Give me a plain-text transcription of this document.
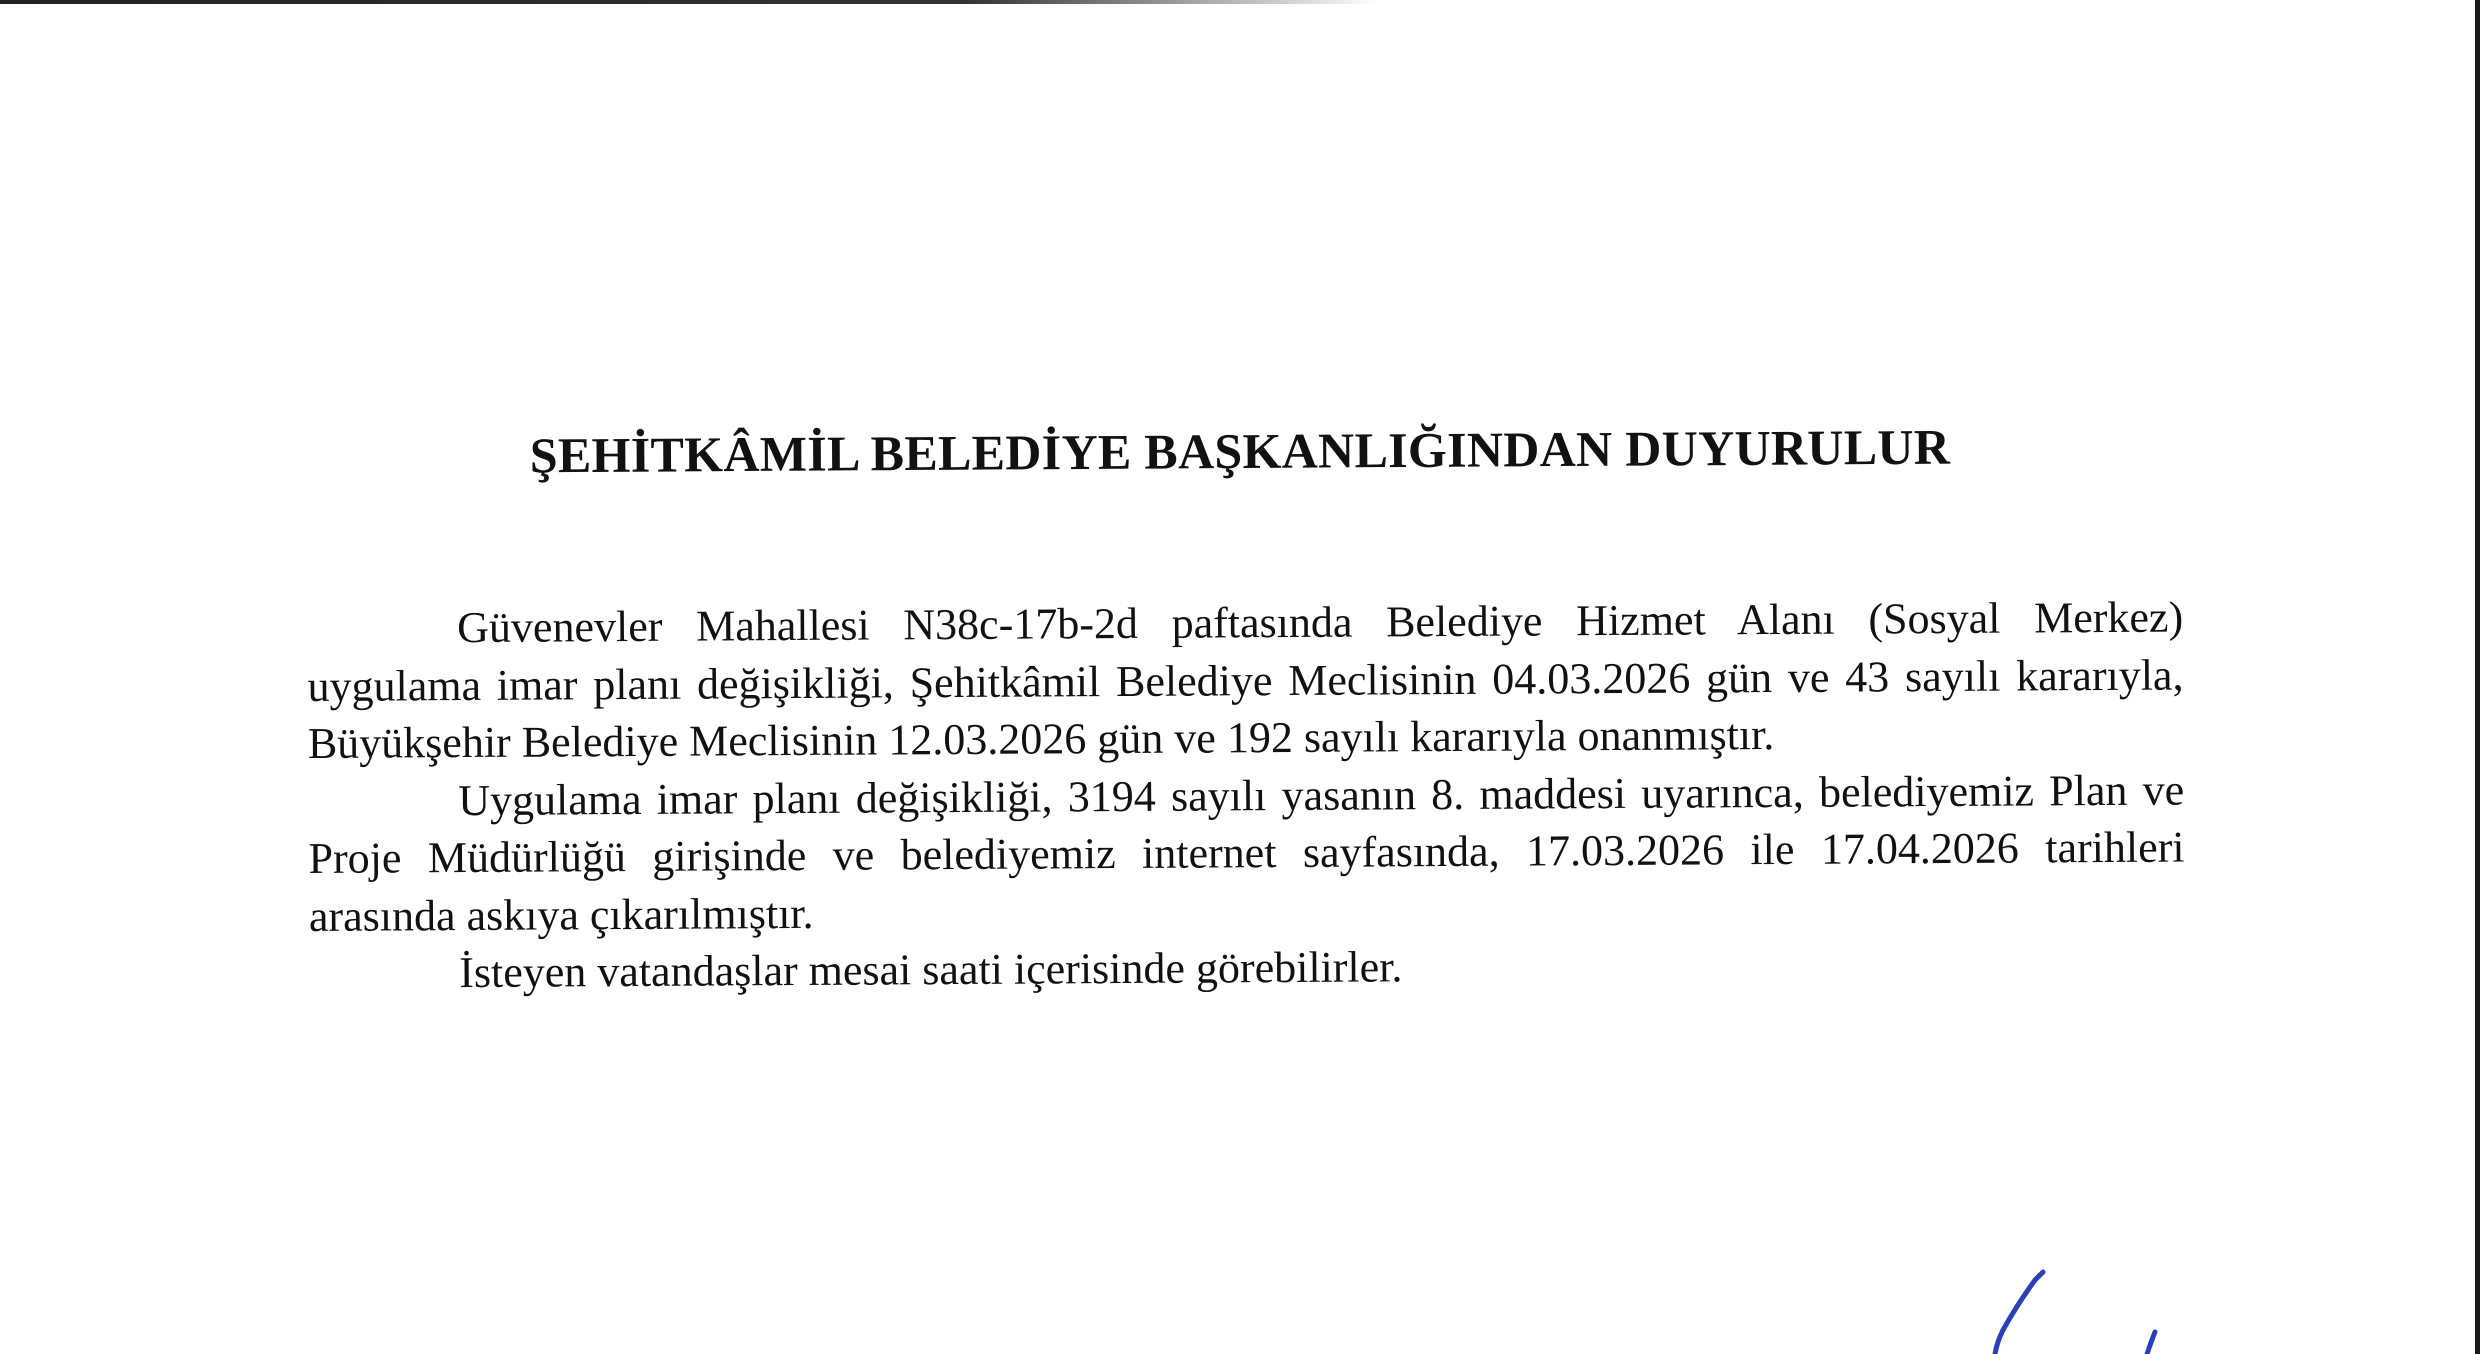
ŞEHİTKÂMİL BELEDİYE BAŞKANLIĞINDAN DUYURULUR

Güvenevler Mahallesi N38c-17b-2d paftasında Belediye Hizmet Alanı (Sosyal Merkez) uygulama imar planı değişikliği, Şehitkâmil Belediye Meclisinin 04.03.2026 gün ve 43 sayılı kararıyla, Büyükşehir Belediye Meclisinin 12.03.2026 gün ve 192 sayılı kararıyla onanmıştır.

Uygulama imar planı değişikliği, 3194 sayılı yasanın 8. maddesi uyarınca, belediyemiz Plan ve Proje Müdürlüğü girişinde ve belediyemiz internet sayfasında, 17.03.2026 ile 17.04.2026 tarihleri arasında askıya çıkarılmıştır.

İsteyen vatandaşlar mesai saati içerisinde görebilirler.
